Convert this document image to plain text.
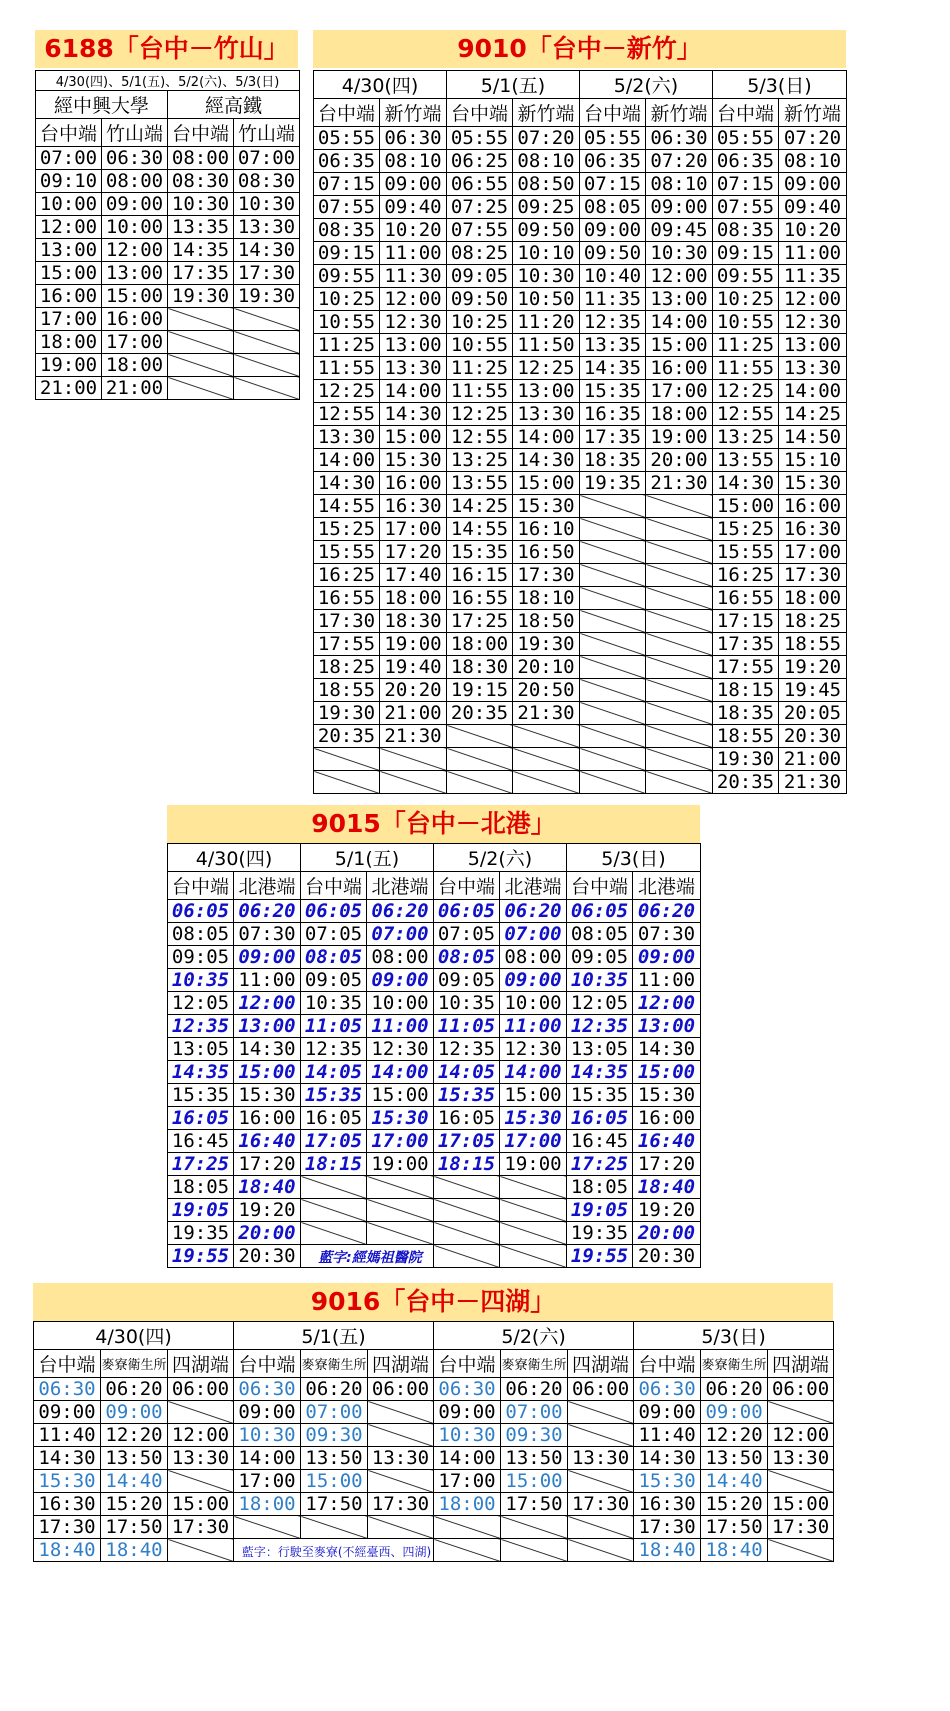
6188「台中－竹山」
4/30(四)、5/1(五)、5/2(六)、5/3(日)			
經中興大學		經高鐵	
台中端	竹山端	台中端	竹山端
07:00	06:30	08:00	07:00
09:10	08:00	08:30	08:30
10:00	09:00	10:30	10:30
12:00	10:00	13:35	13:30
13:00	12:00	14:35	14:30
15:00	13:00	17:35	17:30
16:00	15:00	19:30	19:30
17:00	16:00		
18:00	17:00		
19:00	18:00		
21:00	21:00		
9010「台中－新竹」
4/30(四)		5/1(五)		5/2(六)		5/3(日)	
台中端	新竹端	台中端	新竹端	台中端	新竹端	台中端	新竹端
05:55	06:30	05:55	07:20	05:55	06:30	05:55	07:20
06:35	08:10	06:25	08:10	06:35	07:20	06:35	08:10
07:15	09:00	06:55	08:50	07:15	08:10	07:15	09:00
07:55	09:40	07:25	09:25	08:05	09:00	07:55	09:40
08:35	10:20	07:55	09:50	09:00	09:45	08:35	10:20
09:15	11:00	08:25	10:10	09:50	10:30	09:15	11:00
09:55	11:30	09:05	10:30	10:40	12:00	09:55	11:35
10:25	12:00	09:50	10:50	11:35	13:00	10:25	12:00
10:55	12:30	10:25	11:20	12:35	14:00	10:55	12:30
11:25	13:00	10:55	11:50	13:35	15:00	11:25	13:00
11:55	13:30	11:25	12:25	14:35	16:00	11:55	13:30
12:25	14:00	11:55	13:00	15:35	17:00	12:25	14:00
12:55	14:30	12:25	13:30	16:35	18:00	12:55	14:25
13:30	15:00	12:55	14:00	17:35	19:00	13:25	14:50
14:00	15:30	13:25	14:30	18:35	20:00	13:55	15:10
14:30	16:00	13:55	15:00	19:35	21:30	14:30	15:30
14:55	16:30	14:25	15:30			15:00	16:00
15:25	17:00	14:55	16:10			15:25	16:30
15:55	17:20	15:35	16:50			15:55	17:00
16:25	17:40	16:15	17:30			16:25	17:30
16:55	18:00	16:55	18:10			16:55	18:00
17:30	18:30	17:25	18:50			17:15	18:25
17:55	19:00	18:00	19:30			17:35	18:55
18:25	19:40	18:30	20:10			17:55	19:20
18:55	20:20	19:15	20:50			18:15	19:45
19:30	21:00	20:35	21:30			18:35	20:05
20:35	21:30					18:55	20:30
						19:30	21:00
						20:35	21:30
9015「台中－北港」
4/30(四)		5/1(五)		5/2(六)		5/3(日)	
台中端	北港端	台中端	北港端	台中端	北港端	台中端	北港端
06:05	06:20	06:05	06:20	06:05	06:20	06:05	06:20
08:05	07:30	07:05	07:00	07:05	07:00	08:05	07:30
09:05	09:00	08:05	08:00	08:05	08:00	09:05	09:00
10:35	11:00	09:05	09:00	09:05	09:00	10:35	11:00
12:05	12:00	10:35	10:00	10:35	10:00	12:05	12:00
12:35	13:00	11:05	11:00	11:05	11:00	12:35	13:00
13:05	14:30	12:35	12:30	12:35	12:30	13:05	14:30
14:35	15:00	14:05	14:00	14:05	14:00	14:35	15:00
15:35	15:30	15:35	15:00	15:35	15:00	15:35	15:30
16:05	16:00	16:05	15:30	16:05	15:30	16:05	16:00
16:45	16:40	17:05	17:00	17:05	17:00	16:45	16:40
17:25	17:20	18:15	19:00	18:15	19:00	17:25	17:20
18:05	18:40					18:05	18:40
19:05	19:20					19:05	19:20
19:35	20:00					19:35	20:00
19:55	20:30	藍字:經媽祖醫院				19:55	20:30
9016「台中－四湖」
4/30(四)			5/1(五)			5/2(六)			5/3(日)		
台中端	麥寮衛生所	四湖端	台中端	麥寮衛生所	四湖端	台中端	麥寮衛生所	四湖端	台中端	麥寮衛生所	四湖端
06:30	06:20	06:00	06:30	06:20	06:00	06:30	06:20	06:00	06:30	06:20	06:00
09:00	09:00		09:00	07:00		09:00	07:00		09:00	09:00	
11:40	12:20	12:00	10:30	09:30		10:30	09:30		11:40	12:20	12:00
14:30	13:50	13:30	14:00	13:50	13:30	14:00	13:50	13:30	14:30	13:50	13:30
15:30	14:40		17:00	15:00		17:00	15:00		15:30	14:40	
16:30	15:20	15:00	18:00	17:50	17:30	18:00	17:50	17:30	16:30	15:20	15:00
17:30	17:50	17:30							17:30	17:50	17:30
18:40	18:40		藍字：行駛至麥寮(不經臺西、四湖)						18:40	18:40	
